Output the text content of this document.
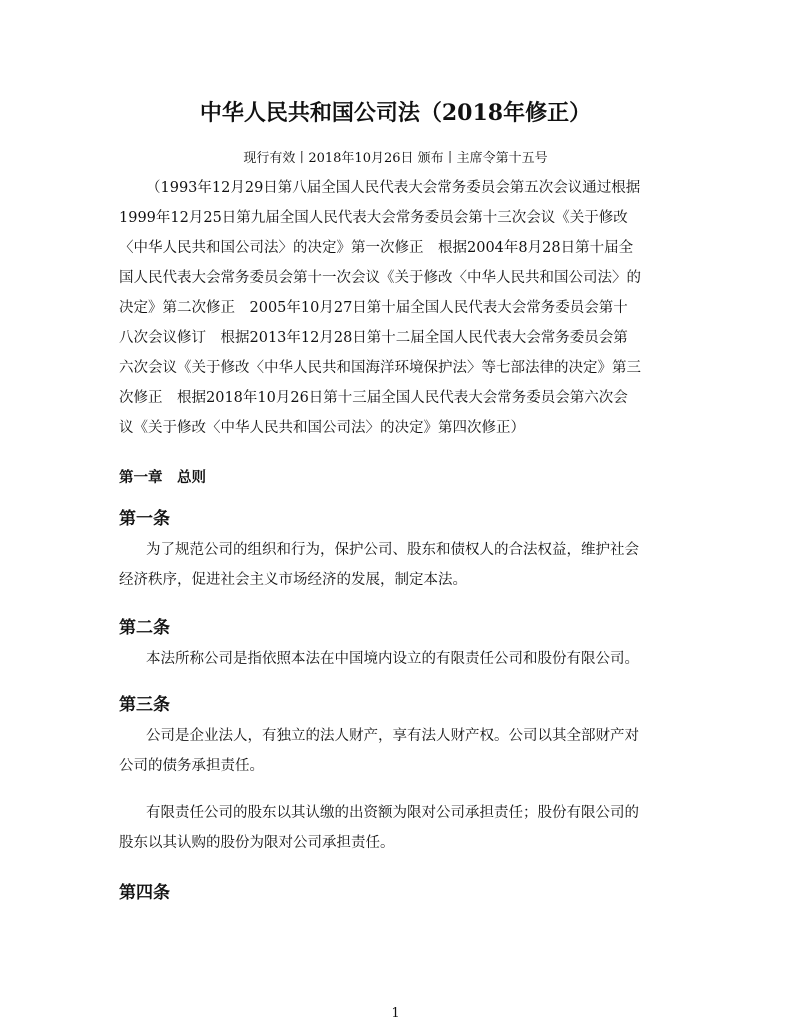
中华人民共和国公司法（2018年修正）
现行有效丨2018年10月26日 颁布丨主席令第十五号
（1993年12月29日第八届全国人民代表大会常务委员会第五次会议通过根据
1999年12月25日第九届全国人民代表大会常务委员会第十三次会议《关于修改
〈中华人民共和国公司法〉的决定》第一次修正　根据2004年8月28日第十届全
国人民代表大会常务委员会第十一次会议《关于修改〈中华人民共和国公司法〉的
决定》第二次修正　2005年10月27日第十届全国人民代表大会常务委员会第十
八次会议修订　根据2013年12月28日第十二届全国人民代表大会常务委员会第
六次会议《关于修改〈中华人民共和国海洋环境保护法〉等七部法律的决定》第三
次修正　根据2018年10月26日第十三届全国人民代表大会常务委员会第六次会
议《关于修改〈中华人民共和国公司法〉的决定》第四次修正）
第一章　总则
第一条
为了规范公司的组织和行为，保护公司、股东和债权人的合法权益，维护社会
经济秩序，促进社会主义市场经济的发展，制定本法。
第二条
本法所称公司是指依照本法在中国境内设立的有限责任公司和股份有限公司。
第三条
公司是企业法人，有独立的法人财产，享有法人财产权。公司以其全部财产对
公司的债务承担责任。
有限责任公司的股东以其认缴的出资额为限对公司承担责任；股份有限公司的
股东以其认购的股份为限对公司承担责任。
第四条
1
